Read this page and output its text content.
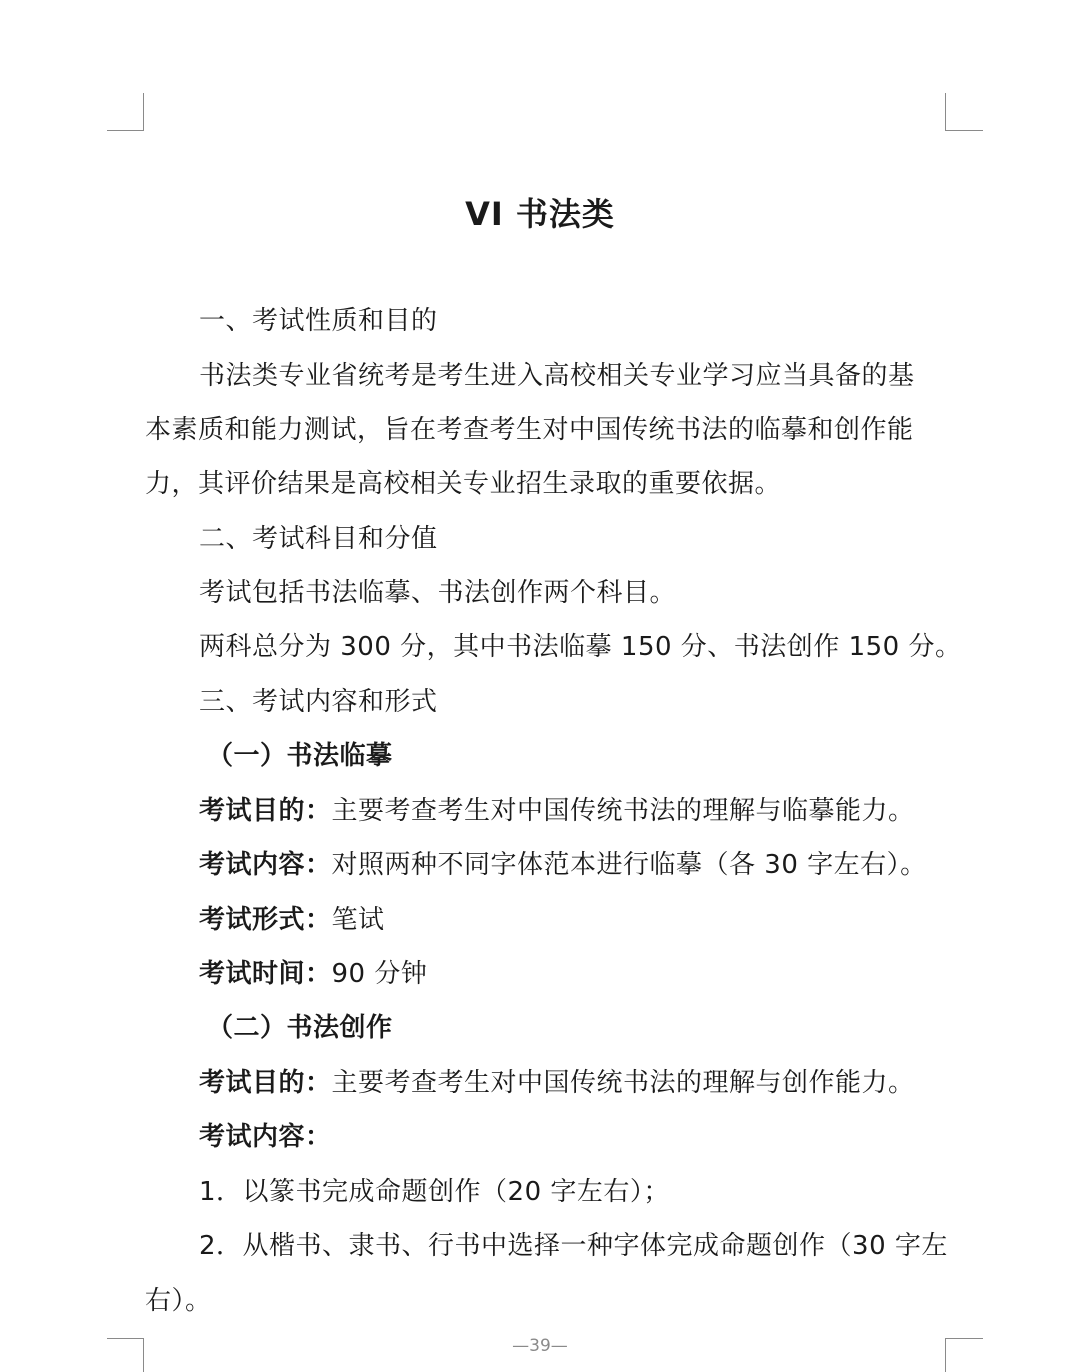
VI 书法类
一、考试性质和目的
书法类专业省统考是考生进入高校相关专业学习应当具备的基
本素质和能力测试，旨在考查考生对中国传统书法的临摹和创作能
力，其评价结果是高校相关专业招生录取的重要依据。
二、考试科目和分值
考试包括书法临摹、书法创作两个科目。
两科总分为 300 分，其中书法临摹 150 分、书法创作 150 分。
三、考试内容和形式
（一）书法临摹
考试目的：主要考查考生对中国传统书法的理解与临摹能力。
考试内容：对照两种不同字体范本进行临摹（各 30 字左右）。
考试形式：笔试
考试时间：90 分钟
（二）书法创作
考试目的：主要考查考生对中国传统书法的理解与创作能力。
考试内容：
1．以篆书完成命题创作（20 字左右）；
2．从楷书、隶书、行书中选择一种字体完成命题创作（30 字左
右）。
—39—
